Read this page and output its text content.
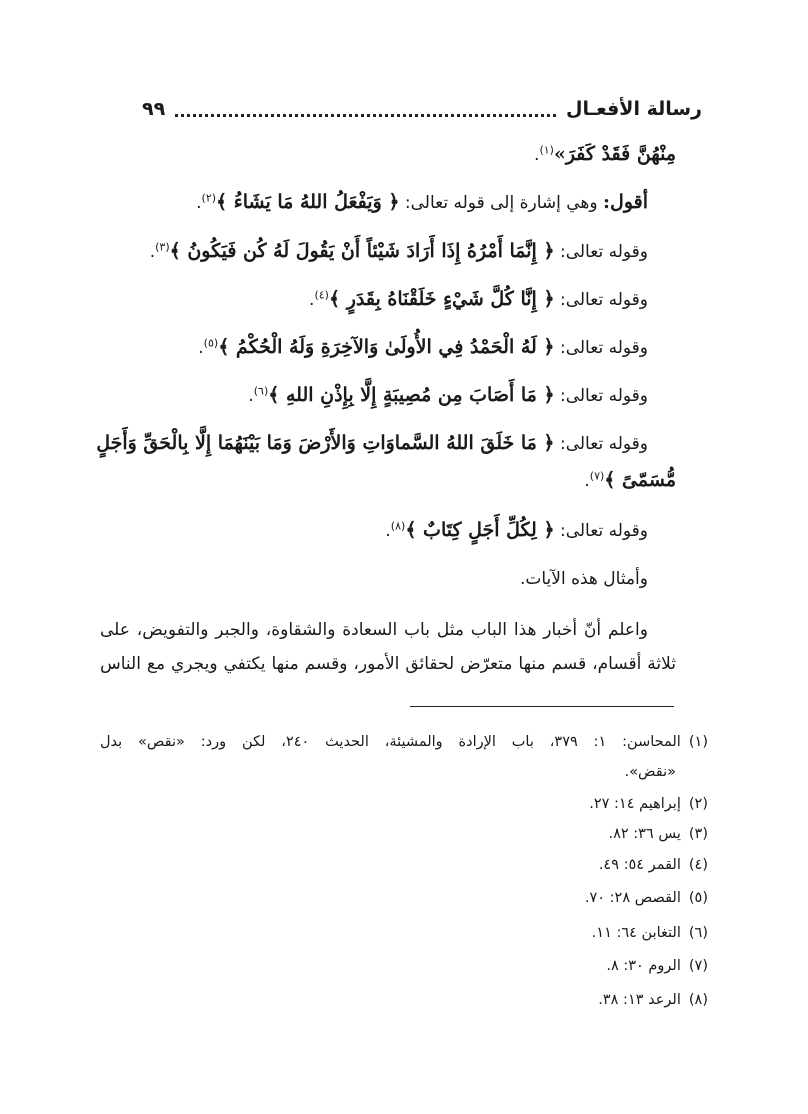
رسالة الأفعـال
٩٩
مِنْهُنَّ فَقَدْ كَفَرَ»$^{(١)}$.
أقول: وهي إشارة إلى قوله تعالى: ﴿ وَيَفْعَلُ اللهُ مَا يَشَاءُ ﴾$^{(٢)}$.
وقوله تعالى: ﴿ إِنَّمَا أَمْرُهُ إِذَا أَرَادَ شَيْئاً أَنْ يَقُولَ لَهُ كُن فَيَكُونُ ﴾$^{(٣)}$.
وقوله تعالى: ﴿ إِنَّا كُلَّ شَيْءٍ خَلَقْنَاهُ بِقَدَرٍ ﴾$^{(٤)}$.
وقوله تعالى: ﴿ لَهُ الْحَمْدُ فِي الأُولَىٰ وَالآخِرَةِ وَلَهُ الْحُكْمُ ﴾$^{(٥)}$.
وقوله تعالى: ﴿ مَا أَصَابَ مِن مُصِيبَةٍ إِلَّا بِإِذْنِ اللهِ ﴾$^{(٦)}$.
وقوله تعالى: ﴿ مَا خَلَقَ اللهُ السَّماوَاتِ وَالأَرْضَ وَمَا بَيْنَهُمَا إِلَّا بِالْحَقِّ وَأَجَلٍ
مُّسَمّىً ﴾$^{(٧)}$.
وقوله تعالى: ﴿ لِكُلِّ أَجَلٍ كِتَابٌ ﴾$^{(٨)}$.
وأمثال هذه الآيات.
واعلم أنّ أخبار هذا الباب مثل باب السعادة والشقاوة، والجبر والتفويض، على
ثلاثة أقسام، قسم منها متعرّض لحقائق الأمور، وقسم منها يكتفي ويجري مع الناس
(١)المحاسن: ١: ٣٧٩، باب الإرادة والمشيئة، الحديث ٢٤٠، لكن ورد: «نقص» بدل
«نقض».
(٢)إبراهيم ١٤: ٢٧.
(٣)يس ٣٦: ٨٢.
(٤)القمر ٥٤: ٤٩.
(٥)القصص ٢٨: ٧٠.
(٦)التغابن ٦٤: ١١.
(٧)الروم ٣٠: ٨.
(٨)الرعد ١٣: ٣٨.
